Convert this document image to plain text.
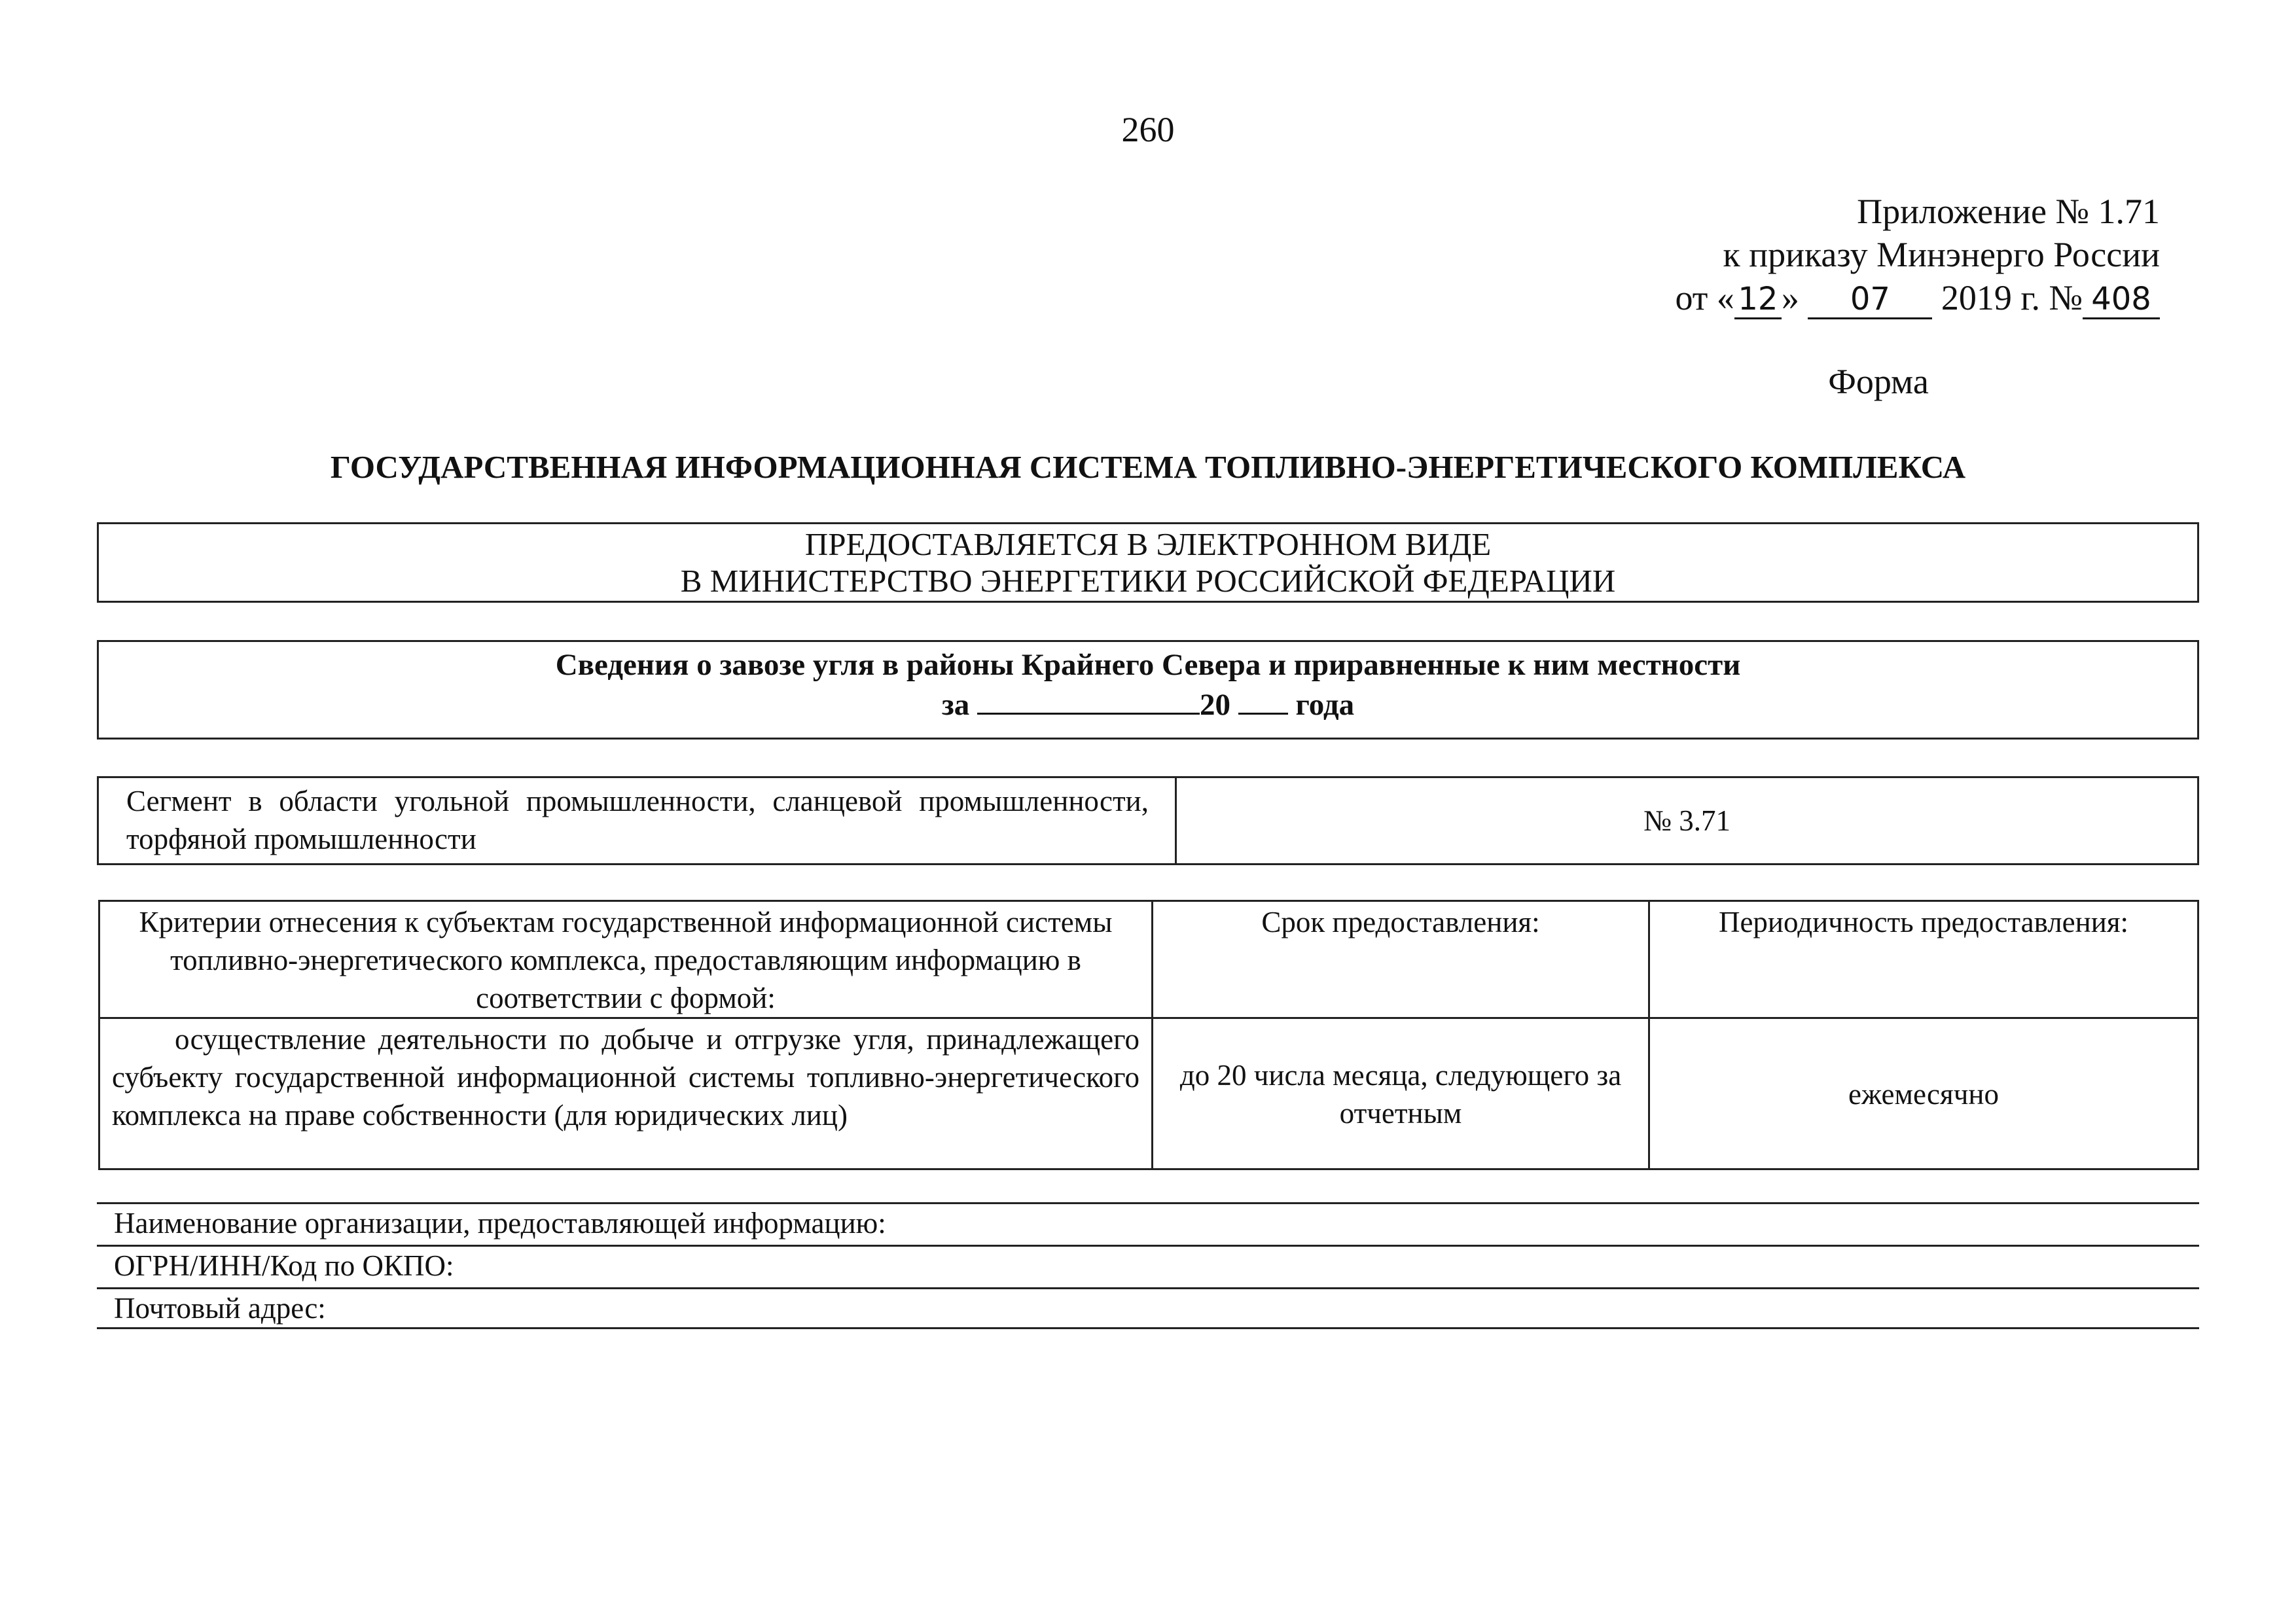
260
Приложение № 1.71
к приказу Минэнерго России
от « 12 » 07 2019 г. № 408
Форма
ГОСУДАРСТВЕННАЯ ИНФОРМАЦИОННАЯ СИСТЕМА ТОПЛИВНО-ЭНЕРГЕТИЧЕСКОГО КОМПЛЕКСА
ПРЕДОСТАВЛЯЕТСЯ В ЭЛЕКТРОННОМ ВИДЕ
В МИНИСТЕРСТВО ЭНЕРГЕТИКИ РОССИЙСКОЙ ФЕДЕРАЦИИ
Сведения о завозе угля в районы Крайнего Севера и приравненные к ним местности
за	20 года
Сегмент в области угольной промышленности, сланцевой промышленности, торфяной промышленности	№ 3.71
Критерии отнесения к субъектам государственной информационной системы топливно-энергетического комплекса, предоставляющим информацию в соответствии с формой:	Срок предоставления:	Периодичность предоставления:
осуществление деятельности по добыче и отгрузке угля, принадлежащего субъекту государственной информационной системы топливно-энергетического комплекса на праве собственности (для юридических лиц)	до 20 числа месяца, следующего за отчетным	ежемесячно
Наименование организации, предоставляющей информацию:
ОГРН/ИНН/Код по ОКПО:
Почтовый адрес:
